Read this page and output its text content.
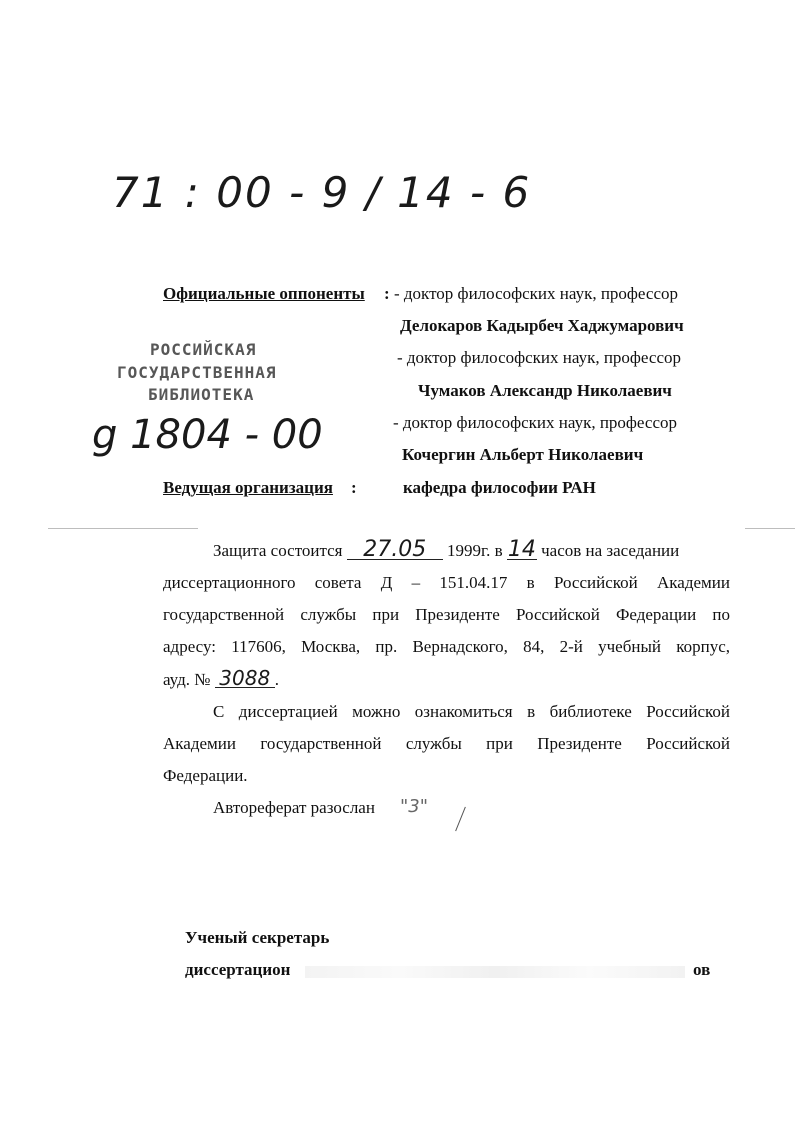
71 : 00 - 9 / 14 - 6
Официальные оппоненты : - доктор философских наук, профессор
Делокаров Кадырбеч Хаджумарович
- доктор философских наук, профессор
Чумаков Александр Николаевич
- доктор философских наук, профессор
Кочергин Альберт Николаевич
РОССИЙСКАЯ
ГОСУДАРСТВЕННАЯ
БИБЛИОТЕКА
g 1804 - 00
Ведущая организация :	кафедра философии РАН
Защита состоится 27.05 1999г. в 14 часов на заседании
диссертационного совета Д – 151.04.17 в Российской Академии
государственной службы при Президенте Российской Федерации по
адресу: 117606, Москва, пр. Вернадского, 84, 2-й учебный корпус,
ауд. № 3088 .
С диссертацией можно ознакомиться в библиотеке Российской
Академии государственной службы при Президенте Российской
Федерации.
Автореферат разослан "3"
Ученый секретарь
диссертацион	ов
